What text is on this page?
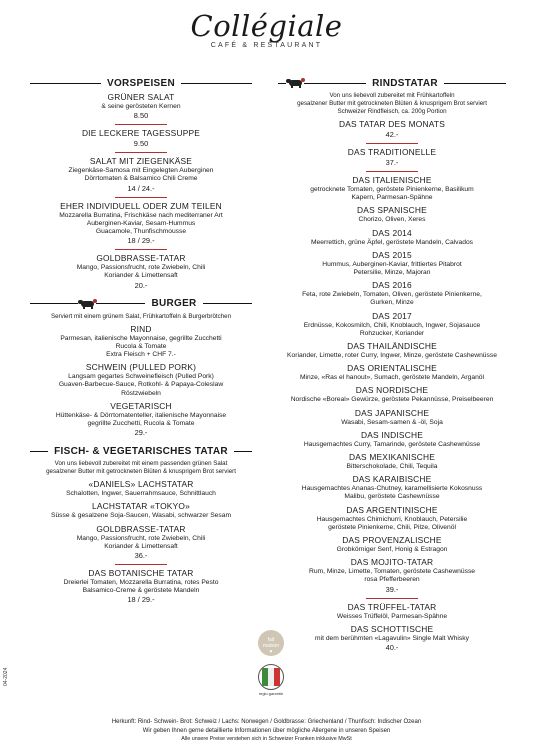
Collégiale
CAFÉ & RESTAURANT
04-2024
VORSPEISEN
GRÜNER SALAT
& seine gerösteten Kernen
8.50
DIE LECKERE TAGESSUPPE
9.50
SALAT MIT ZIEGENKÄSE
Ziegenkäse-Samosa mit Eingelegten Auberginen
Dörrtomaten & Balsamico Chili Creme
14 / 24.-
EHER INDIVIDUELL ODER ZUM TEILEN
Mozzarella Burratina, Frischkäse nach mediterraner Art
Auberginen-Kaviar, Sesam-Hummus
Guacamole, Thunfischmousse
18 / 29.-
GOLDBRASSE-TATAR
Mango, Passionsfrucht, rote Zwiebeln, Chili
Koriander & Limettensaft
20.-
BURGER
Serviert mit einem grünem Salat, Frühkartoffeln & Burgerbrötchen
RIND
Parmesan, italienische Mayonnaise, gegrillte Zucchetti
Rucola & Tomate
Extra Fleisch + CHF 7.-
SCHWEIN (PULLED PORK)
Langsam gegartes Schweinefleisch (Pulled Pork)
Guaven-Barbecue-Sauce, Rotkohl- & Papaya-Coleslaw
Röstzwiebeln
VEGETARISCH
Hüttenkäse- & Dörrtomatenteller, italienische Mayonnaise
gegrillte Zucchetti, Rucola & Tomate
29.-
FISCH- & VEGETARISCHES TATAR
Von uns liebevoll zubereitet mit einem passenden grünen Salat
gesalzener Butter mit getrockneten Blüten & knusprigem Brot serviert
«DANIELS» LACHSTATAR
Schalotten, Ingwer, Sauerrahmsauce, Schnittlauch
LACHSTATAR «TOKYO»
Süsse & gesalzene Soja-Saucen, Wasabi, schwarzer Sesam
GOLDBRASSE-TATAR
Mango, Passionsfrucht, rote Zwiebeln, Chili
Koriander & Limettensaft
36.-
DAS BOTANISCHE TATAR
Dreierlei Tomaten, Mozzarella Burratina, rotes Pesto
Balsamico-Creme & geröstete Mandeln
18 / 29.-
RINDSTATAR
Von uns liebevoll zubereitet mit Frühkartoffeln
gesalzener Butter mit getrockneten Blüten & knusprigem Brot serviert
Schweizer Rindfleisch, ca. 200g Portion
DAS TATAR DES MONATS
42.-
DAS TRADITIONELLE
37.-
DAS ITALIENISCHE
getrocknete Tomaten, geröstete Pinienkerne, Basilikum
Kapern, Parmesan-Spähne
DAS SPANISCHE
Chorizo, Oliven, Xeres
DAS 2014
Meerrettich, grüne Äpfel, geröstete Mandeln, Calvados
DAS 2015
Hummus, Auberginen-Kaviar, frittiertes Pitabrot
Petersilie, Minze, Majoran
DAS 2016
Feta, rote Zwiebeln, Tomaten, Oliven, geröstete Pinienkerne,
Gurken, Minze
DAS 2017
Erdnüsse, Kokosmilch, Chili, Knoblauch, Ingwer, Sojasauce
Rohzucker, Koriander
DAS THAILÄNDISCHE
Koriander, Limette, roter Curry, Ingwer, Minze, geröstete Cashewnüsse
DAS ORIENTALISCHE
Minze, «Ras el hanout», Sumach, geröstete Mandeln, Arganöl
DAS NORDISCHE
Nordische «Boreal» Gewürze, geröstete Pekannüsse, Preiselbeeren
DAS JAPANISCHE
Wasabi, Sesam-samen & -öl, Soja
DAS INDISCHE
Hausgemachtes Curry, Tamarinde, geröstete Cashewnüsse
DAS MEXIKANISCHE
Bitterschokolade, Chili, Tequila
DAS KARAIBISCHE
Hausgemachtes Ananas-Chutney, karamellisierte Kokosnuss
Malibu, geröstete Cashewnüsse
DAS ARGENTINISCHE
Hausgemachtes Chimichurri, Knoblauch, Petersilie
geröstete Pinienkerne, Chili, Pilze, Olivenöl
DAS PROVENZALISCHE
Grobkörniger Senf, Honig & Estragon
DAS MOJITO-TATAR
Rum, Minze, Limette, Tomaten, geröstete Cashewnüsse
rosa Pfefferbeeren
39.-
DAS TRÜFFEL-TATAR
Weisses Trüffelöl, Parmesan-Spähne
DAS SCHOTTISCHE
mit dem berühmten «Lagavulin» Single Malt Whisky
40.-
fait
maison
♥
regio.garantie
Herkunft: Rind- Schwein- Brot: Schweiz / Lachs: Norwegen / Goldbrasse: Griechenland / Thunfisch: Indischer Ozean
Wir geben Ihnen gerne detaillierte Informationen über mögliche Allergene in unseren Speisen
Alle unsere Preise verstehen sich in Schweizer Franken inklusive MwSt
